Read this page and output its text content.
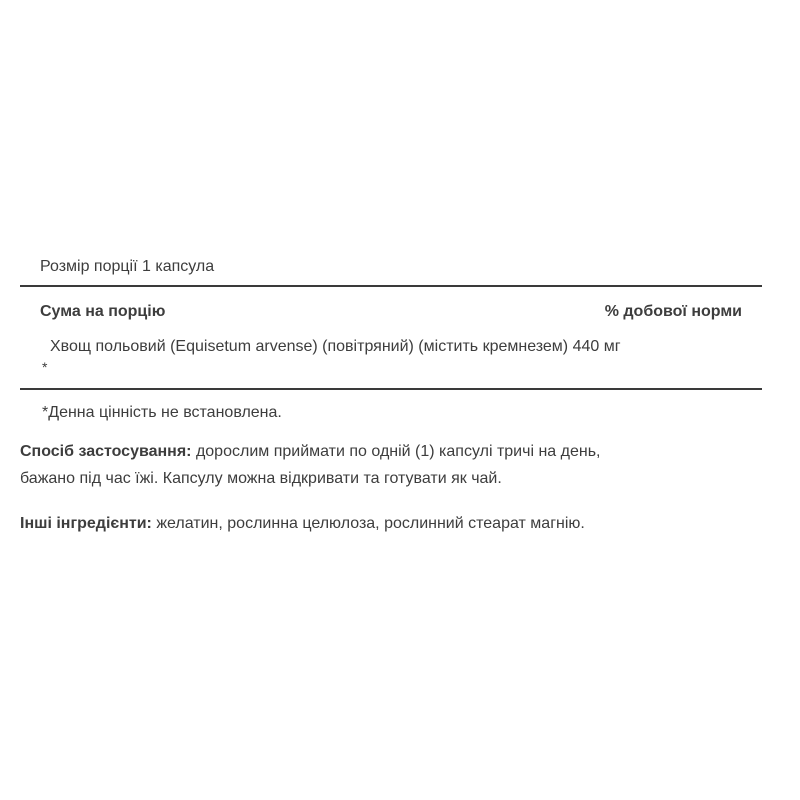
Розмір порції 1 капсула
Сума на порцію	% добової норми
Хвощ польовий (Equisetum arvense) (повітряний) (містить кремнезем) 440 мг
*
*Денна цінність не встановлена.

Спосіб застосування: дорослим приймати по одній (1) капсулі тричі на день,
бажано під час їжі. Капсулу можна відкривати та готувати як чай.

Інші інгредієнти: желатин, рослинна целюлоза, рослинний стеарат магнію.
